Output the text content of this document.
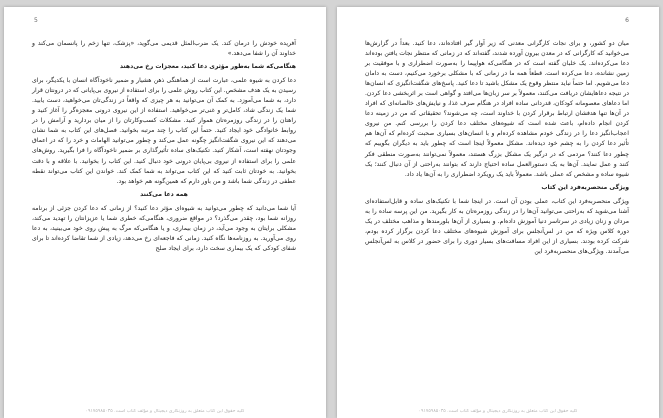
5

آفریده خودش را درمان کند. یک ضرب‌المثل قدیمی می‌گوید، «پزشک، تنها زخم را پانسمان می‌کند و خداوند آن را شفا می‌دهد.»

هنگامی‌که شما به‌طور مؤثری دعا کنید، معجزات رخ می‌دهند

دعا کردن به شیوه علمی، عبارت است از هماهنگی ذهن هشیار و ضمیر ناخودآگاه انسان با یکدیگر، برای رسیدن به یک هدف مشخص. این کتاب روش علمی را برای استفاده از نیروی بی‌پایانی که در درونتان قرار دارد، به شما می‌آموزد. به کمک آن می‌توانید به هر چیزی که واقعاً در زندگی‌تان می‌خواهید، دست یابید. شما یک زندگی شاد، کامل‌تر و غنی‌تر می‌خواهید. استفاده از این نیروی درونی معجزه‌گر را آغاز کنید و راهتان را در زندگی روزمره‌تان هموار کنید. مشکلات کسب‌وکارتان را از میان بردارید و آرامش را در روابط خانوادگی خود ایجاد کنید. حتماً این کتاب را چند مرتبه بخوانید. فصل‌های این کتاب به شما نشان می‌دهند که این نیروی شگفت‌انگیز چگونه عمل می‌کند و چطور می‌توانید الهامات و خرد را که در اعماق وجودتان نهفته است، آشکار کنید. تکنیک‌های ساده تأثیرگذاری بر ضمیر ناخودآگاه را فرا بگیرید. روش‌های علمی را برای استفاده از نیروی بی‌پایان درونی خود دنبال کنید. این کتاب را بخوانید. با علاقه و با دقت بخوانید. به خودتان ثابت کنید که این کتاب می‌تواند به شما کمک کند. خواندن این کتاب می‌تواند نقطه عطفی در زندگی شما باشد و من باور دارم که همین‌گونه هم خواهد بود.

همه دعا می‌کنند

آیا شما می‌دانید که چطور می‌توانید به شیوه‌ای مؤثر دعا کنید؟ از زمانی که دعا کردن جزئی از برنامه روزانه شما بود، چقدر می‌گذرد؟ در مواقع ضروری، هنگامی‌که خطری شما یا عزیزانتان را تهدید می‌کند، مشکلی برایتان به وجود می‌آید، در زمان بیماری، و یا هنگامی‌که مرگ به پیش روی خود می‌بینید، به دعا روی می‌آورید. به روزنامه‌ها نگاه کنید. زمانی که فاجعه‌ای رخ می‌دهد، زیادی از شما تقاضا کرده‌اند تا برای شفای کودکی که یک بیماری سخت دارد، برای ایجاد صلح

کلیه حقوق این کتاب متعلق به روزنگاری دیجیتال و مؤلف کتاب است. ۰۹۱۷۵۹۸۵۰۳۵
6

میان دو کشور، و برای نجات کارگرانی معدنی که زیر آوار گیر افتاده‌اند، دعا کنید. بعداً در گزارش‌ها می‌خوانید که کارگرانی که در معدن بیرون آورده شدند، گفته‌اند که در زمانی که منتظر نجات یافتن بوده‌اند دعا می‌کرده‌اند. یک خلبان گفته است که در هنگامی‌که هواپیما را به‌صورت اضطراری و با موفقیت بر زمین نشانده، دعا می‌کرده است. قطعاً همه ما در زمانی که با مشکلی برخورد می‌کنیم، دست به دامان دعا می‌شویم. اما حتماً نباید منتظر وقوع یک مشکل باشید تا دعا کنید. پاسخ‌های شگفت‌انگیزی که انسان‌ها در نتیجه دعاهایشان دریافت می‌کنند، معمولاً بر سر زبان‌ها می‌افتد و گواهی است بر اثربخشی دعا کردن. اما دعاهای معصومانه کودکان، قدردانی ساده افراد در هنگام صرف غذا، و نیایش‌های خالصانه‌ای که افراد در آن‌ها تنها هدفشان ارتباط برقرار کردن با خداوند است، چه می‌شوند؟ تحقیقاتی که من در زمینه دعا کردن انجام داده‌ام، باعث شده است که شیوه‌های مختلف دعا کردن را بررسی کنم. من نیروی اعجاب‌انگیز دعا را در زندگی خودم مشاهده کرده‌ام و با انسان‌های بسیاری صحبت کرده‌ام که آن‌ها هم تأثیر دعا کردن را به چشم خود دیده‌اند. مشکل معمولاً اینجا است که چطور باید به دیگران بگوییم که چطور دعا کنند؟ مردمی که در درگیر یک مشکل بزرگ هستند، معمولاً نمی‌توانند به‌صورت منطقی فکر کنند و عمل نمایند. آن‌ها به یک دستورالعمل ساده احتیاج دارند که بتوانند به‌راحتی از آن دنبال کنند؛ یک شیوه ساده و مشخص که عملی باشد. معمولاً باید یک رویکرد اضطراری را به آن‌ها یاد داد.

ویژگی منحصربه‌فرد این کتاب

ویژگی منحصربه‌فرد این کتاب، عملی بودن آن است. در اینجا شما با تکنیک‌های ساده و قابل‌استفاده‌ای آشنا می‌شوید که به‌راحتی می‌توانید آن‌ها را در زندگی روزمره‌تان به کار بگیرید. من این پرسه ساده را به مردان و زنان زیادی در سرتاسر دنیا آموزش داده‌ام. و بسیاری از آن‌ها بلورمندها و مذاهب مختلف در یک دوره کلاس ویژه که من در لس‌آنجلس برای آموزش شیوه‌های مختلف دعا کردن برگزار کرده بودم، شرکت کرده بودند. بسیاری از این افراد مسافت‌های بسیار دوری را برای حضور در کلاس به لس‌آنجلس می‌آمدند. ویژگی‌های منحصربه‌فرد این

کلیه حقوق این کتاب متعلق به روزنگاری دیجیتال و مؤلف کتاب است. ۰۹۱۷۵۹۸۵۰۳۵
